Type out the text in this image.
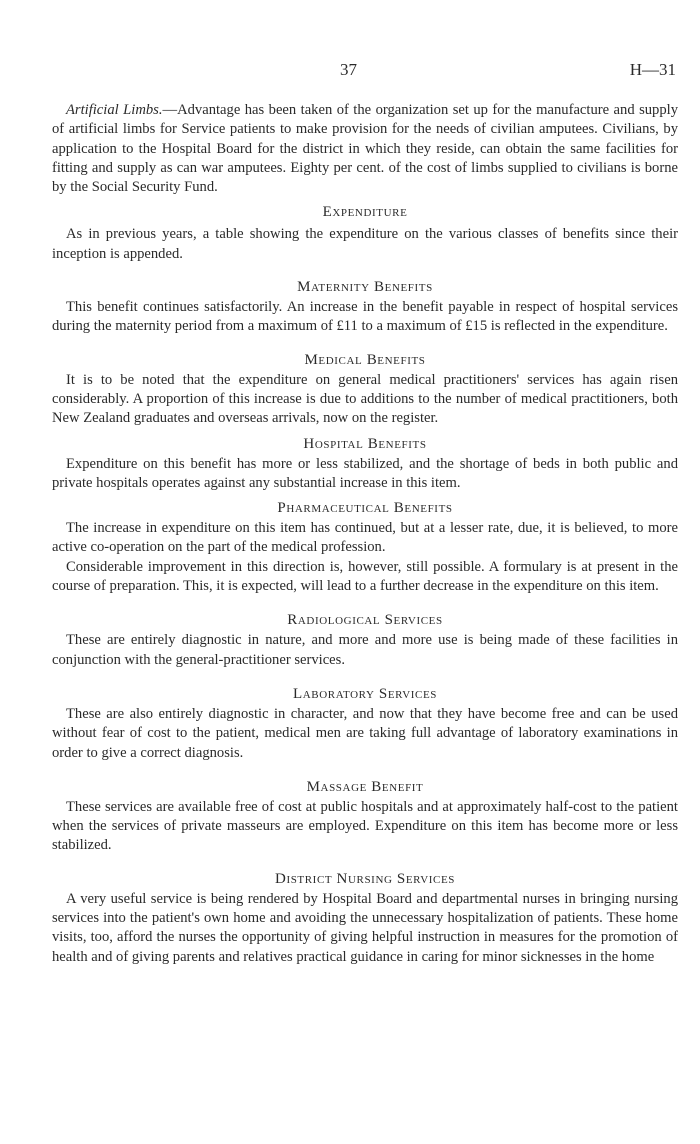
37	H—31

Artificial Limbs.—Advantage has been taken of the organization set up for the manufacture and supply of artificial limbs for Service patients to make provision for the needs of civilian amputees. Civilians, by application to the Hospital Board for the district in which they reside, can obtain the same facilities for fitting and supply as can war amputees. Eighty per cent. of the cost of limbs supplied to civilians is borne by the Social Security Fund.

Expenditure

As in previous years, a table showing the expenditure on the various classes of benefits since their inception is appended.

Maternity Benefits

This benefit continues satisfactorily. An increase in the benefit payable in respect of hospital services during the maternity period from a maximum of £11 to a maximum of £15 is reflected in the expenditure.

Medical Benefits

It is to be noted that the expenditure on general medical practitioners' services has again risen considerably. A proportion of this increase is due to additions to the number of medical practitioners, both New Zealand graduates and overseas arrivals, now on the register.

Hospital Benefits

Expenditure on this benefit has more or less stabilized, and the shortage of beds in both public and private hospitals operates against any substantial increase in this item.

Pharmaceutical Benefits

The increase in expenditure on this item has continued, but at a lesser rate, due, it is believed, to more active co-operation on the part of the medical profession.

Considerable improvement in this direction is, however, still possible. A formulary is at present in the course of preparation. This, it is expected, will lead to a further decrease in the expenditure on this item.

Radiological Services

These are entirely diagnostic in nature, and more and more use is being made of these facilities in conjunction with the general-practitioner services.

Laboratory Services

These are also entirely diagnostic in character, and now that they have become free and can be used without fear of cost to the patient, medical men are taking full advantage of laboratory examinations in order to give a correct diagnosis.

Massage Benefit

These services are available free of cost at public hospitals and at approximately half-cost to the patient when the services of private masseurs are employed. Expenditure on this item has become more or less stabilized.

District Nursing Services

A very useful service is being rendered by Hospital Board and departmental nurses in bringing nursing services into the patient's own home and avoiding the unnecessary hospitalization of patients. These home visits, too, afford the nurses the opportunity of giving helpful instruction in measures for the promotion of health and of giving parents and relatives practical guidance in caring for minor sicknesses in the home
